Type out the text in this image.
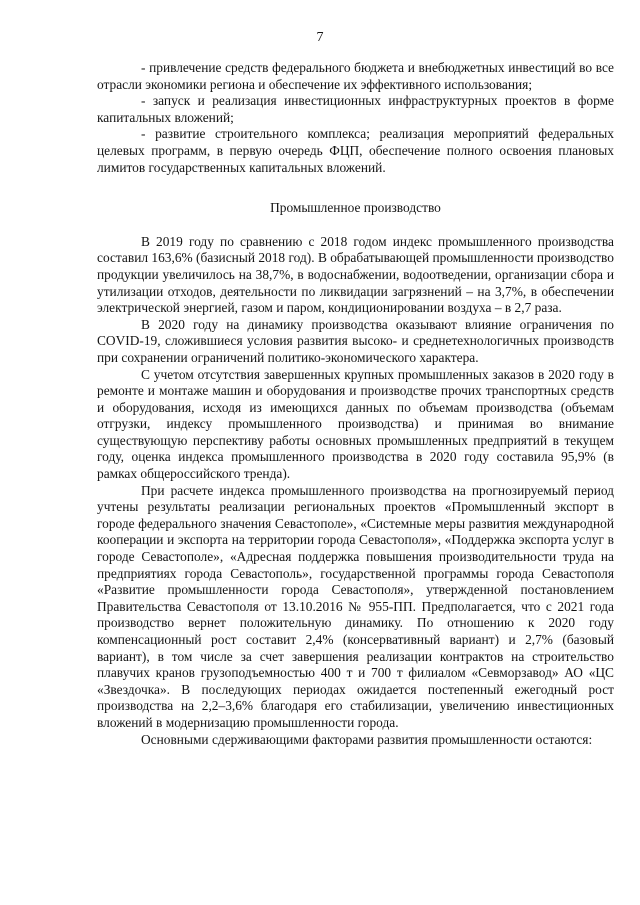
7

- привлечение средств федерального бюджета и внебюджетных инвестиций во все отрасли экономики региона и обеспечение их эффективного использования;

- запуск и реализация инвестиционных инфраструктурных проектов в форме капитальных вложений;

- развитие строительного комплекса; реализация мероприятий федеральных целевых программ, в первую очередь ФЦП, обеспечение полного освоения плановых лимитов государственных капитальных вложений.

Промышленное производство

В 2019 году по сравнению с 2018 годом индекс промышленного производства составил 163,6% (базисный 2018 год). В обрабатывающей промышленности производство продукции увеличилось на 38,7%, в водоснабжении, водоотведении, организации сбора и утилизации отходов, деятельности по ликвидации загрязнений – на 3,7%, в обеспечении электрической энергией, газом и паром, кондиционировании воздуха – в 2,7 раза.

В 2020 году на динамику производства оказывают влияние ограничения по COVID-19, сложившиеся условия развития высоко- и среднетехнологичных производств при сохранении ограничений политико-экономического характера.

С учетом отсутствия завершенных крупных промышленных заказов в 2020 году в ремонте и монтаже машин и оборудования и производстве прочих транспортных средств и оборудования, исходя из имеющихся данных по объемам производства (объемам отгрузки, индексу промышленного производства) и принимая во внимание существующую перспективу работы основных промышленных предприятий в текущем году, оценка индекса промышленного производства в 2020 году составила 95,9% (в рамках общероссийского тренда).

При расчете индекса промышленного производства на прогнозируемый период учтены результаты реализации региональных проектов «Промышленный экспорт в городе федерального значения Севастополе», «Системные меры развития международной кооперации и экспорта на территории города Севастополя», «Поддержка экспорта услуг в городе Севастополе», «Адресная поддержка повышения производительности труда на предприятиях города Севастополь», государственной программы города Севастополя «Развитие промышленности города Севастополя», утвержденной постановлением Правительства Севастополя от 13.10.2016 № 955-ПП. Предполагается, что с 2021 года производство вернет положительную динамику. По отношению к 2020 году компенсационный рост составит 2,4% (консервативный вариант) и 2,7% (базовый вариант), в том числе за счет завершения реализации контрактов на строительство плавучих кранов грузоподъемностью 400 т и 700 т филиалом «Севморзавод» АО «ЦС «Звездочка». В последующих периодах ожидается постепенный ежегодный рост производства на 2,2–3,6% благодаря его стабилизации, увеличению инвестиционных вложений в модернизацию промышленности города.

Основными сдерживающими факторами развития промышленности остаются:
